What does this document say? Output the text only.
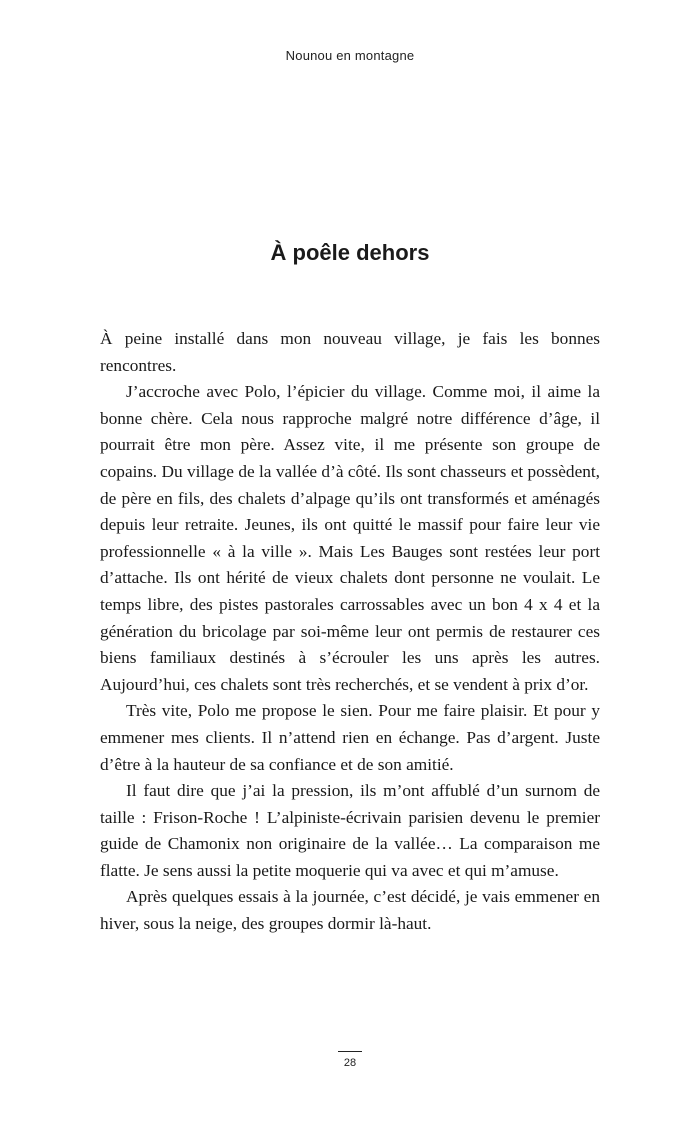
Nounou en montagne
À poêle dehors

À peine installé dans mon nouveau village, je fais les bonnes rencontres.

J’accroche avec Polo, l’épicier du village. Comme moi, il aime la bonne chère. Cela nous rapproche malgré notre différence d’âge, il pourrait être mon père. Assez vite, il me présente son groupe de copains. Du village de la vallée d’à côté. Ils sont chasseurs et possèdent, de père en fils, des chalets d’alpage qu’ils ont transformés et aménagés depuis leur retraite. Jeunes, ils ont quitté le massif pour faire leur vie professionnelle « à la ville ». Mais Les Bauges sont restées leur port d’attache. Ils ont hérité de vieux chalets dont personne ne voulait. Le temps libre, des pistes pastorales carrossables avec un bon 4 x 4 et la génération du bricolage par soi-même leur ont permis de restaurer ces biens familiaux destinés à s’écrouler les uns après les autres. Aujourd’hui, ces chalets sont très recherchés, et se vendent à prix d’or.

Très vite, Polo me propose le sien. Pour me faire plaisir. Et pour y emmener mes clients. Il n’attend rien en échange. Pas d’argent. Juste d’être à la hauteur de sa confiance et de son amitié.

Il faut dire que j’ai la pression, ils m’ont affublé d’un surnom de taille : Frison-Roche ! L’alpiniste-écrivain parisien devenu le premier guide de Chamonix non originaire de la vallée… La comparaison me flatte. Je sens aussi la petite moquerie qui va avec et qui m’amuse.

Après quelques essais à la journée, c’est décidé, je vais emmener en hiver, sous la neige, des groupes dormir là-haut.

28
